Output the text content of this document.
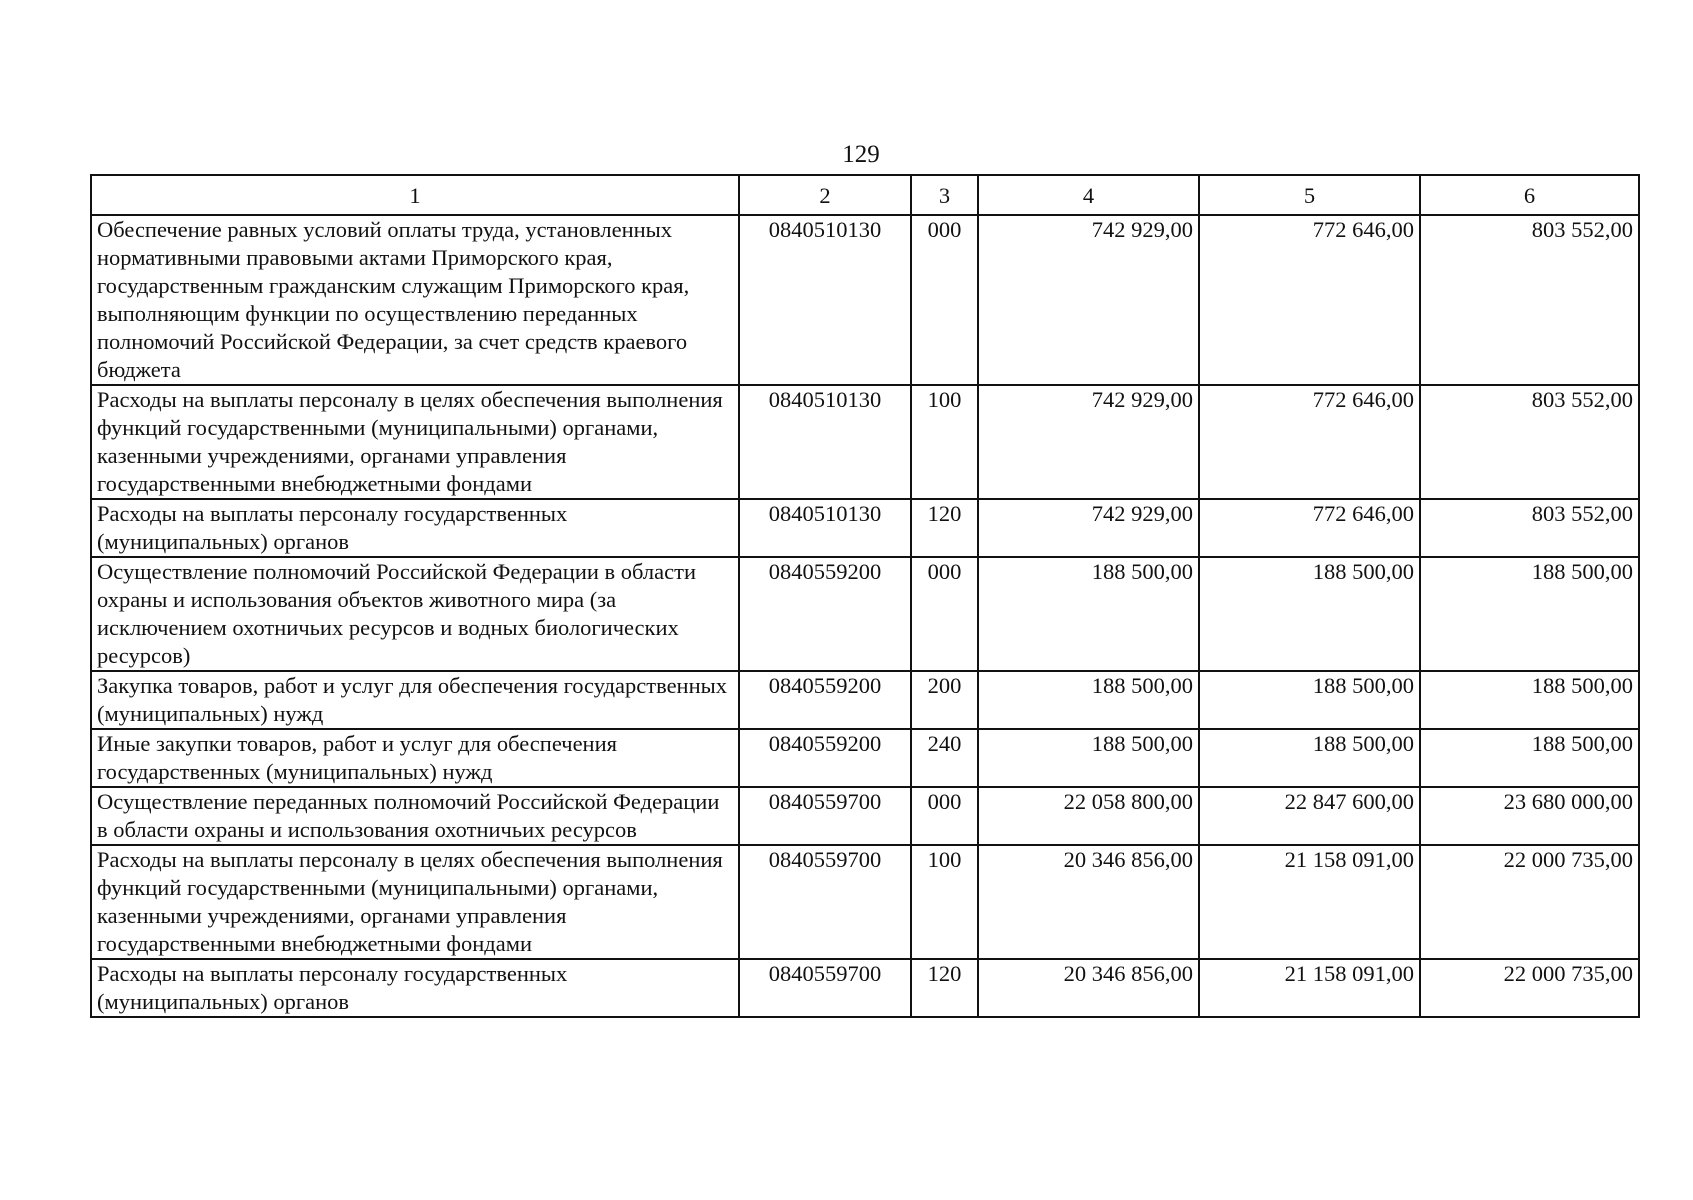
129
1	2	3	4	5	6
Обеспечение равных условий оплаты труда, установленных нормативными правовыми актами Приморского края, государственным гражданским служащим Приморского края, выполняющим функции по осуществлению переданных полномочий Российской Федерации, за счет средств краевого бюджета	0840510130	000	742 929,00	772 646,00	803 552,00
Расходы на выплаты персоналу в целях обеспечения выполнения функций государственными (муниципальными) органами, казенными учреждениями, органами управления государственными внебюджетными фондами	0840510130	100	742 929,00	772 646,00	803 552,00
Расходы на выплаты персоналу государственных (муниципальных) органов	0840510130	120	742 929,00	772 646,00	803 552,00
Осуществление полномочий Российской Федерации в области охраны и использования объектов животного мира (за исключением охотничьих ресурсов и водных биологических ресурсов)	0840559200	000	188 500,00	188 500,00	188 500,00
Закупка товаров, работ и услуг для обеспечения государственных (муниципальных) нужд	0840559200	200	188 500,00	188 500,00	188 500,00
Иные закупки товаров, работ и услуг для обеспечения государственных (муниципальных) нужд	0840559200	240	188 500,00	188 500,00	188 500,00
Осуществление переданных полномочий Российской Федерации в области охраны и использования охотничьих ресурсов	0840559700	000	22 058 800,00	22 847 600,00	23 680 000,00
Расходы на выплаты персоналу в целях обеспечения выполнения функций государственными (муниципальными) органами, казенными учреждениями, органами управления государственными внебюджетными фондами	0840559700	100	20 346 856,00	21 158 091,00	22 000 735,00
Расходы на выплаты персоналу государственных (муниципальных) органов	0840559700	120	20 346 856,00	21 158 091,00	22 000 735,00
